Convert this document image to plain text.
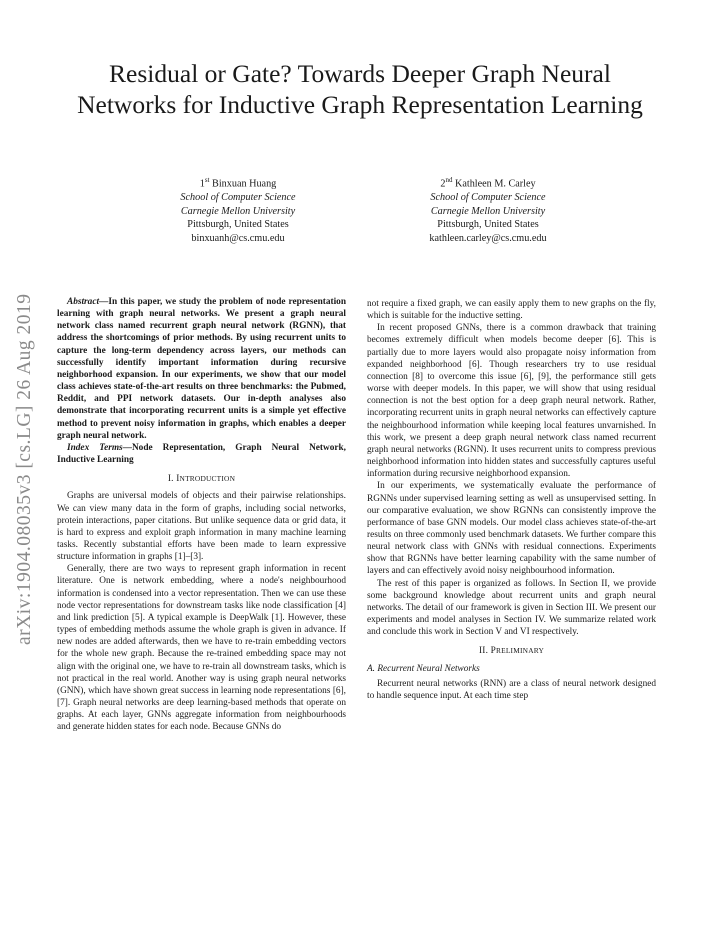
arXiv:1904.08035v3 [cs.LG] 26 Aug 2019
Residual or Gate? Towards Deeper Graph Neural Networks for Inductive Graph Representation Learning
1st Binxuan Huang
School of Computer Science
Carnegie Mellon University
Pittsburgh, United States
binxuanh@cs.cmu.edu
2nd Kathleen M. Carley
School of Computer Science
Carnegie Mellon University
Pittsburgh, United States
kathleen.carley@cs.cmu.edu

Abstract—In this paper, we study the problem of node representation learning with graph neural networks. We present a graph neural network class named recurrent graph neural network (RGNN), that address the shortcomings of prior methods. By using recurrent units to capture the long-term dependency across layers, our methods can successfully identify important information during recursive neighborhood expansion. In our experiments, we show that our model class achieves state-of-the-art results on three benchmarks: the Pubmed, Reddit, and PPI network datasets. Our in-depth analyses also demonstrate that incorporating recurrent units is a simple yet effective method to prevent noisy information in graphs, which enables a deeper graph neural network.

Index Terms—Node Representation, Graph Neural Network, Inductive Learning

I. INTRODUCTION

Graphs are universal models of objects and their pairwise relationships. We can view many data in the form of graphs, including social networks, protein interactions, paper citations. But unlike sequence data or grid data, it is hard to express and exploit graph information in many machine learning tasks. Recently substantial efforts have been made to learn expressive structure information in graphs [1]–[3].

Generally, there are two ways to represent graph information in recent literature. One is network embedding, where a node's neighbourhood information is condensed into a vector representation. Then we can use these node vector representations for downstream tasks like node classification [4] and link prediction [5]. A typical example is DeepWalk [1]. However, these types of embedding methods assume the whole graph is given in advance. If new nodes are added afterwards, then we have to re-train embedding vectors for the whole new graph. Because the re-trained embedding space may not align with the original one, we have to re-train all downstream tasks, which is not practical in the real world. Another way is using graph neural networks (GNN), which have shown great success in learning node representations [6], [7]. Graph neural networks are deep learning-based methods that operate on graphs. At each layer, GNNs aggregate information from neighbourhoods and generate hidden states for each node. Because GNNs do

not require a fixed graph, we can easily apply them to new graphs on the fly, which is suitable for the inductive setting.

In recent proposed GNNs, there is a common drawback that training becomes extremely difficult when models become deeper [6]. This is partially due to more layers would also propagate noisy information from expanded neighborhood [6]. Though researchers try to use residual connection [8] to overcome this issue [6], [9], the performance still gets worse with deeper models. In this paper, we will show that using residual connection is not the best option for a deep graph neural network. Rather, incorporating recurrent units in graph neural networks can effectively capture the neighbourhood information while keeping local features unvarnished. In this work, we present a deep graph neural network class named recurrent graph neural networks (RGNN). It uses recurrent units to compress previous neighborhood information into hidden states and successfully captures useful information during recursive neighborhood expansion.

In our experiments, we systematically evaluate the performance of RGNNs under supervised learning setting as well as unsupervised setting. In our comparative evaluation, we show RGNNs can consistently improve the performance of base GNN models. Our model class achieves state-of-the-art results on three commonly used benchmark datasets. We further compare this neural network class with GNNs with residual connections. Experiments show that RGNNs have better learning capability with the same number of layers and can effectively avoid noisy neighbourhood information.

The rest of this paper is organized as follows. In Section II, we provide some background knowledge about recurrent units and graph neural networks. The detail of our framework is given in Section III. We present our experiments and model analyses in Section IV. We summarize related work and conclude this work in Section V and VI respectively.

II. PRELIMINARY
A. Recurrent Neural Networks

Recurrent neural networks (RNN) are a class of neural network designed to handle sequence input. At each time step
